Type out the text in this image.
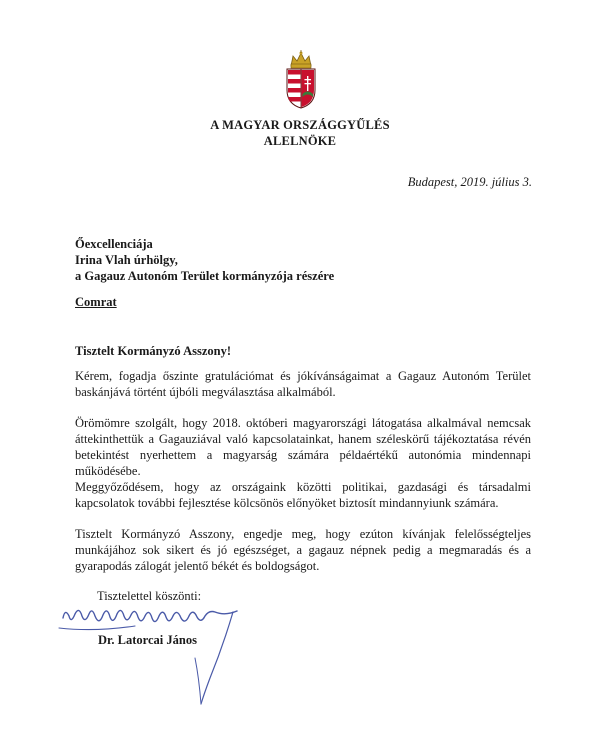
A MAGYAR ORSZÁGGYŰLÉS
ALELNÖKE
Budapest, 2019. július 3.
Őexcellenciája
Irina Vlah úrhölgy,
a Gagauz Autonóm Terület kormányzója részére
Comrat
Tisztelt Kormányzó Asszony!
Kérem, fogadja őszinte gratulációmat és jókívánságaimat a Gagauz Autonóm Terület baskánjává történt újbóli megválasztása alkalmából.
Örömömre szolgált, hogy 2018. októberi magyarországi látogatása alkalmával nemcsak áttekinthettük a Gagauziával való kapcsolatainkat, hanem széleskörű tájékoztatása révén betekintést nyerhettem a magyarság számára példaértékű autonómia mindennapi működésébe.
Meggyőződésem, hogy az országaink közötti politikai, gazdasági és társadalmi kapcsolatok további fejlesztése kölcsönös előnyöket biztosít mindannyiunk számára.
Tisztelt Kormányzó Asszony, engedje meg, hogy ezúton kívánjak felelősségteljes munkájához sok sikert és jó egészséget, a gagauz népnek pedig a megmaradás és a gyarapodás zálogát jelentő békét és boldogságot.
Tisztelettel köszönti:
Dr. Latorcai János
